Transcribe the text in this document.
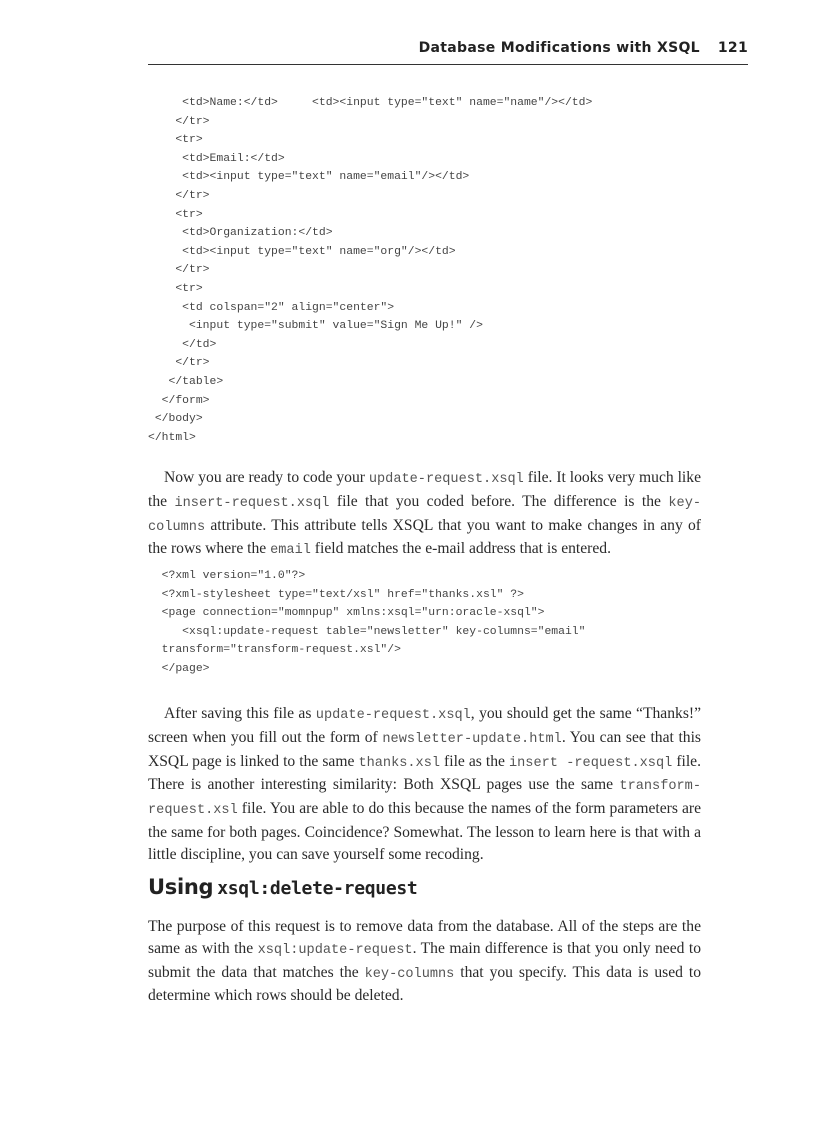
Database Modifications with XSQL 121
<td>Name:</td>     <td><input type="text" name="name"/></td>
</tr>
<tr>
<td>Email:</td>
<td><input type="text" name="email"/></td>
</tr>
<tr>
<td>Organization:</td>
<td><input type="text" name="org"/></td>
</tr>
<tr>
<td colspan="2" align="center">
<input type="submit" value="Sign Me Up!" />
</td>
</tr>
</table>
</form>
</body>
</html>

Now you are ready to code your update-request.xsql file. It looks very much like the insert-request.xsql file that you coded before. The difference is the key-columns attribute. This attribute tells XSQL that you want to make changes in any of the rows where the email field matches the e-mail address that is entered.

<?xml version="1.0"?>
<?xml-stylesheet type="text/xsl" href="thanks.xsl" ?>
<page connection="momnpup" xmlns:xsql="urn:oracle-xsql">
<xsql:update-request table="newsletter" key-columns="email"
transform="transform-request.xsl"/>
</page>

After saving this file as update-request.xsql, you should get the same “Thanks!” screen when you fill out the form of newsletter-update.html. You can see that this XSQL page is linked to the same thanks.xsl file as the insert -request.xsql file. There is another interesting similarity: Both XSQL pages use the same transform-request.xsl file. You are able to do this because the names of the form parameters are the same for both pages. Coincidence? Somewhat. The lesson to learn here is that with a little discipline, you can save yourself some recoding.

Using xsql:delete-request

The purpose of this request is to remove data from the database. All of the steps are the same as with the xsql:update-request. The main difference is that you only need to submit the data that matches the key-columns that you specify. This data is used to determine which rows should be deleted.
